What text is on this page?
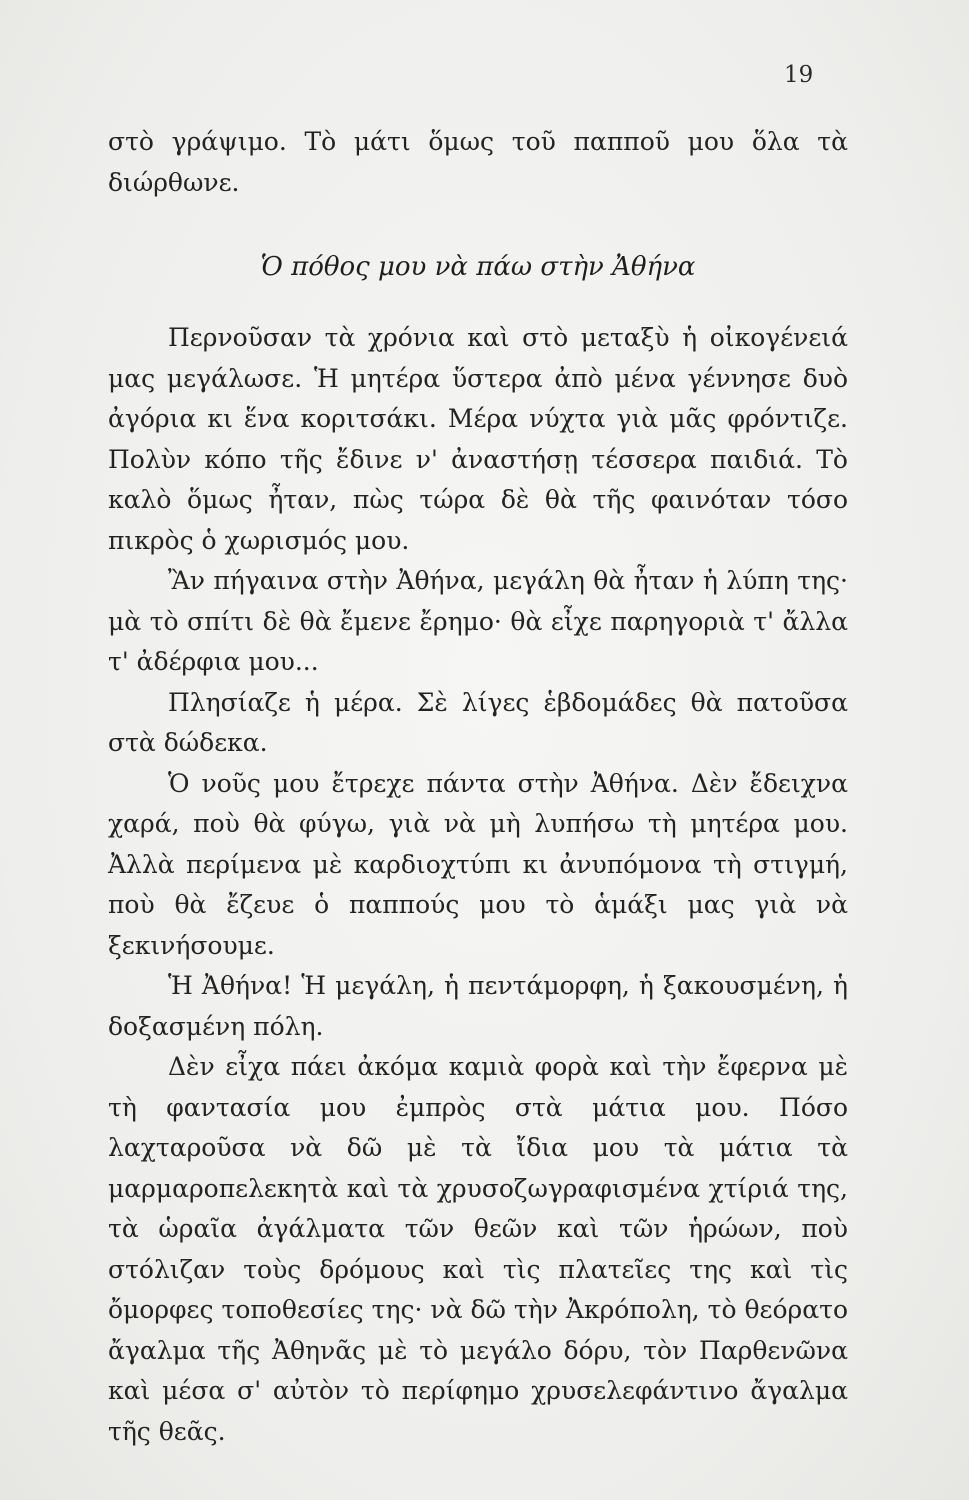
19

στὸ γράψιμο. Τὸ μάτι ὅμως τοῦ παπποῦ μου ὅλα τὰ διώρθωνε.

Ὁ πόθος μου νὰ πάω στὴν Ἀθήνα

Περνοῦσαν τὰ χρόνια καὶ στὸ μεταξὺ ἡ οἰκογένειά μας μεγάλωσε. Ἡ μητέρα ὕστερα ἀπὸ μένα γέννησε δυὸ ἀγόρια κι ἕνα κοριτσάκι. Μέρα νύχτα γιὰ μᾶς φρόντιζε. Πολὺν κόπο τῆς ἔδινε ν' ἀναστήσῃ τέσσερα παιδιά. Τὸ καλὸ ὅμως ἦταν, πὼς τώρα δὲ θὰ τῆς φαινόταν τόσο πικρὸς ὁ χωρισμός μου.

Ἂν πήγαινα στὴν Ἀθήνα, μεγάλη θὰ ἦταν ἡ λύπη της· μὰ τὸ σπίτι δὲ θὰ ἔμενε ἔρημο· θὰ εἶχε παρηγοριὰ τ' ἄλλα τ' ἀδέρφια μου...

Πλησίαζε ἡ μέρα. Σὲ λίγες ἑβδομάδες θὰ πατοῦσα στὰ δώδεκα.

Ὁ νοῦς μου ἔτρεχε πάντα στὴν Ἀθήνα. Δὲν ἔδειχνα χαρά, ποὺ θὰ φύγω, γιὰ νὰ μὴ λυπήσω τὴ μητέρα μου. Ἀλλὰ περίμενα μὲ καρδιοχτύπι κι ἀνυπόμονα τὴ στιγμή, ποὺ θὰ ἔζευε ὁ παππούς μου τὸ ἁμάξι μας γιὰ νὰ ξεκινήσουμε.

Ἡ Ἀθήνα! Ἡ μεγάλη, ἡ πεντάμορφη, ἡ ξακουσμένη, ἡ δοξασμένη πόλη.

Δὲν εἶχα πάει ἀκόμα καμιὰ φορὰ καὶ τὴν ἔφερνα μὲ τὴ φαντασία μου ἐμπρὸς στὰ μάτια μου. Πόσο λαχταροῦσα νὰ δῶ μὲ τὰ ἴδια μου τὰ μάτια τὰ μαρμαροπελεκητὰ καὶ τὰ χρυσοζωγραφισμένα χτίριά της, τὰ ὡραῖα ἀγάλματα τῶν θεῶν καὶ τῶν ἡρώων, ποὺ στόλιζαν τοὺς δρόμους καὶ τὶς πλατεῖες της καὶ τὶς ὄμορφες τοποθεσίες της· νὰ δῶ τὴν Ἀκρόπολη, τὸ θεόρατο ἄγαλμα τῆς Ἀθηνᾶς μὲ τὸ μεγάλο δόρυ, τὸν Παρθενῶνα καὶ μέσα σ' αὐτὸν τὸ περίφημο χρυσελεφάντινο ἄγαλμα τῆς θεᾶς.
